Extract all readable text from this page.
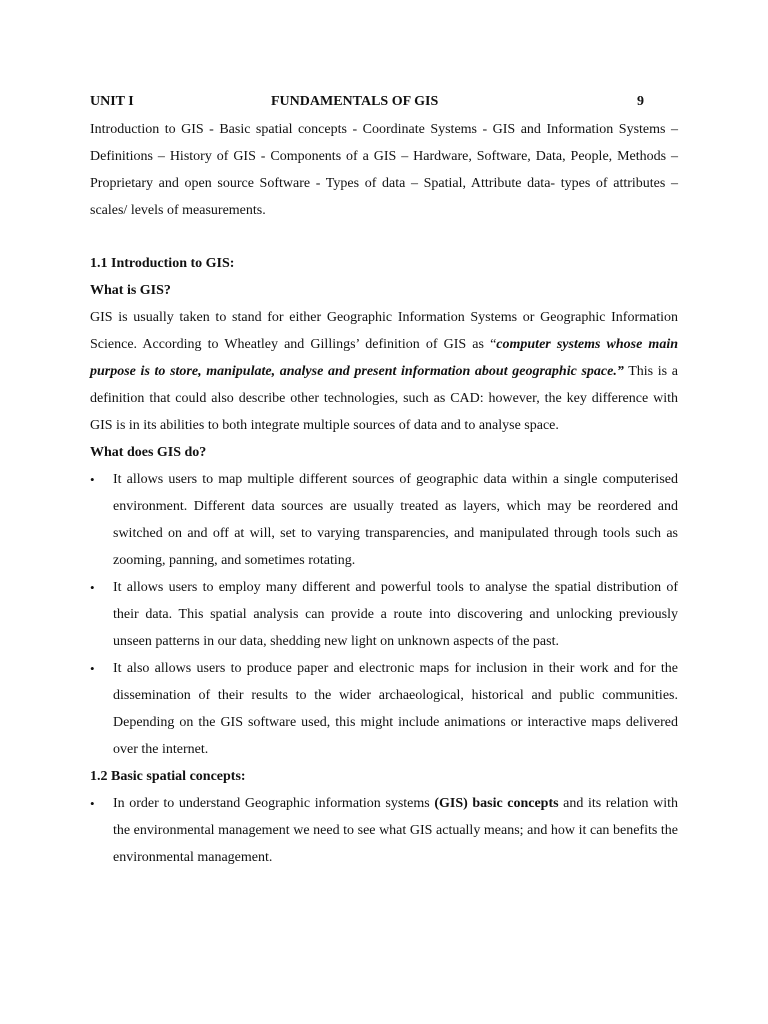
UNIT I	FUNDAMENTALS OF GIS	9

Introduction to GIS - Basic spatial concepts - Coordinate Systems - GIS and Information Systems – Definitions – History of GIS - Components of a GIS – Hardware, Software, Data, People, Methods – Proprietary and open source Software - Types of data – Spatial, Attribute data- types of attributes – scales/ levels of measurements.

1.1 Introduction to GIS:

What is GIS?

GIS is usually taken to stand for either Geographic Information Systems or Geographic Information Science. According to Wheatley and Gillings’ definition of GIS as “computer systems whose main purpose is to store, manipulate, analyse and present information about geographic space.” This is a definition that could also describe other technologies, such as CAD: however, the key difference with GIS is in its abilities to both integrate multiple sources of data and to analyse space.

What does GIS do?

• It allows users to map multiple different sources of geographic data within a single computerised environment. Different data sources are usually treated as layers, which may be reordered and switched on and off at will, set to varying transparencies, and manipulated through tools such as zooming, panning, and sometimes rotating.
• It allows users to employ many different and powerful tools to analyse the spatial distribution of their data. This spatial analysis can provide a route into discovering and unlocking previously unseen patterns in our data, shedding new light on unknown aspects of the past.
• It also allows users to produce paper and electronic maps for inclusion in their work and for the dissemination of their results to the wider archaeological, historical and public communities. Depending on the GIS software used, this might include animations or interactive maps delivered over the internet.

1.2 Basic spatial concepts:

• In order to understand Geographic information systems (GIS) basic concepts and its relation with the environmental management we need to see what GIS actually means; and how it can benefits the environmental management.
